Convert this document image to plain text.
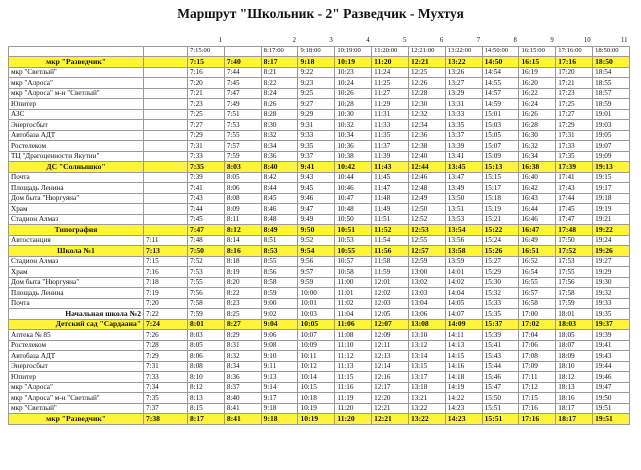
Маршрут "Школьник - 2" Разведчик - Мухтуя
		1		2	3	4	5	6	7	8	9	10	11
		7:15:00		8:17:00	9:18:00	10:19:00	11:20:00	12:21:00	13:22:00	14:50:00	16:15:00	17:16:00	18:50:00
мкр "Разведчик"		7:15	7:40	8:17	9:18	10:19	11:20	12:21	13:22	14:50	16:15	17:16	18:50
мкр "Светлый"		7:16	7:44	8:21	9:22	10:23	11:24	12:25	13:26	14:54	16:19	17:20	18:54
мкр "Алроса"		7:20	7:45	8:22	9:23	10:24	11:25	12:26	13:27	14:55	16:20	17:21	18:55
мкр "Алроса" м-н "Светлый"		7:21	7:47	8:24	9:25	10:26	11:27	12:28	13:29	14:57	16:22	17:23	18:57
Юпитер		7:23	7:49	8:26	9:27	10:28	11:29	12:30	13:31	14:59	16:24	17:25	18:59
АЗС		7:25	7:51	8:28	9:29	10:30	11:31	12:32	13:33	15:01	16:26	17:27	19:01
Энергосбыт		7:27	7:53	8:30	9:31	10:32	11:33	12:34	13:35	15:03	16:28	17:29	19:03
Автобаза АДТ		7:29	7:55	8:32	9:33	10:34	11:35	12:36	13:37	15:05	16:30	17:31	19:05
Ростелеком		7:31	7:57	8:34	9:35	10:36	11:37	12:38	13:39	15:07	16:32	17:33	19:07
ТЦ "Драгоценности Якутии"		7:33	7:59	8:36	9:37	10:38	11:39	12:40	13:41	15:09	16:34	17:35	19:09
ДС "Солнышко"		7:35	8:03	8:40	9:41	10:42	11:43	12:44	13:45	15:13	16:38	17:39	19:13
Почта		7:39	8:05	8:42	9:43	10:44	11:45	12:46	13:47	15:15	16:40	17:41	19:15
Площадь Ленина		7:41	8:06	8:44	9:45	10:46	11:47	12:48	13:49	15:17	16:42	17:43	19:17
Дом быта "Нюргуяна"		7:43	8:08	8:45	9:46	10:47	11:48	12:49	13:50	15:18	16:43	17:44	19:18
Храм		7:44	8:09	8:46	9:47	10:48	11:49	12:50	13:51	15:19	16:44	17:45	19:19
Стадион Алмаз		7:45	8:11	8:48	9:49	10:50	11:51	12:52	13:53	15:21	16:46	17:47	19:21
Типография		7:47	8:12	8:49	9:50	10:51	11:52	12:53	13:54	15:22	16:47	17:48	19:22
Автостанция	7:11	7:48	8:14	8:51	9:52	10:53	11:54	12:55	13:56	15:24	16:49	17:50	19:24
Школа №1	7:13	7:50	8:16	8:53	9:54	10:55	11:56	12:57	13:58	15:26	16:51	17:52	19:26
Стадион Алмаз	7:15	7:52	8:18	8:55	9:56	10:57	11:58	12:59	13:59	15:27	16:52	17:53	19:27
Храм	7:16	7:53	8:19	8:56	9:57	10:58	11:59	13:00	14:01	15:29	16:54	17:55	19:29
Дом быта "Нюргуяна"	7:18	7:55	8:20	8:58	9:59	11:00	12:01	13:02	14:02	15:30	16:55	17:56	19:30
Площадь Ленина	7:19	7:56	8:22	8:59	10:00	11:01	12:02	13:03	14:04	15:32	16:57	17:58	19:32
Почта	7:20	7:58	8:23	9:00	10:01	11:02	12:03	13:04	14:05	15:33	16:58	17:59	19:33
Начальная школа №2	7:22	7:59	8:25	9:02	10:03	11:04	12:05	13:06	14:07	15:35	17:00	18:01	19:35
Детский сад "Сардаана"	7:24	8:01	8:27	9:04	10:05	11:06	12:07	13:08	14:09	15:37	17:02	18:03	19:37
Аптека № 85	7:26	8:03	8:29	9:06	10:07	11:08	12:09	13:10	14:11	15:39	17:04	18:05	19:39
Ростелеком	7:28	8:05	8:31	9:08	10:09	11:10	12:11	13:12	14:13	15:41	17:06	18:07	19:41
Автобаза АДТ	7:29	8:06	8:32	9:10	10:11	11:12	12:13	13:14	14:15	15:43	17:08	18:09	19:43
Энергосбыт	7:31	8:08	8:34	9:11	10:12	11:13	12:14	13:15	14:16	15:44	17:09	18:10	19:44
Юпитер	7:33	8:10	8:36	9:13	10:14	11:15	12:16	13:17	14:18	15:46	17:11	18:12	19:46
мкр "Алроса"	7:34	8:12	8:37	9:14	10:15	11:16	12:17	13:18	14:19	15:47	17:12	18:13	19:47
мкр "Алроса" м-н "Светлый"	7:35	8:13	8:40	9:17	10:18	11:19	12:20	13:21	14:22	15:50	17:15	18:16	19:50
мкр "Светлый"	7:37	8:15	8:41	9:18	10:19	11:20	12:21	13:22	14:23	15:51	17:16	18:17	19:51
мкр "Разведчик"	7:38	8:17	8:41	9:18	10:19	11:20	12:21	13:22	14:23	15:51	17:16	18:17	19:51
